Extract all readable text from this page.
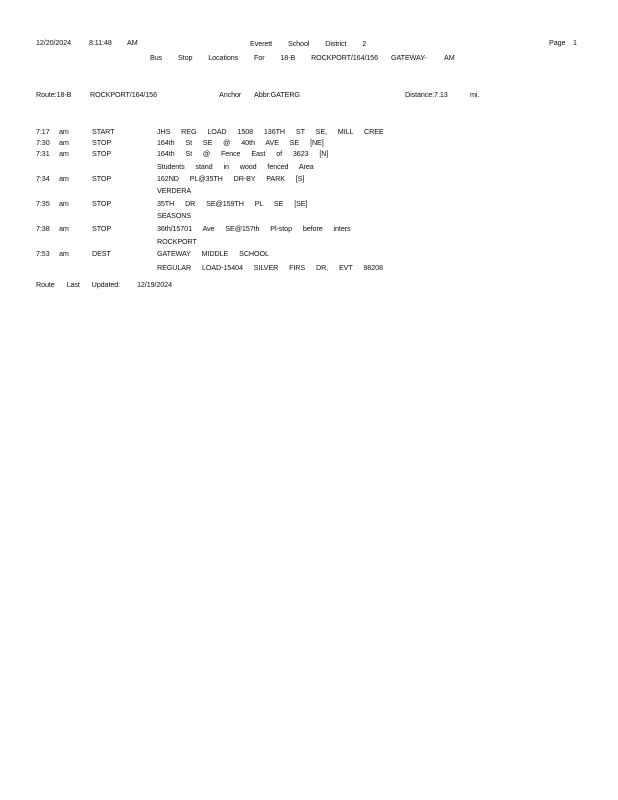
12/20/2024	8:11:48 AM	Everett School District 2	Page 1
Bus Stop Locations For 18-B ROCKPORT/164/156 GATEWAY- AM
Route:18-B	ROCKPORT/164/156	Anchor Abbr:GATERG	Distance:7.13	mi.
7:17 am	START	JHS REG LOAD 1508 136TH ST SE, MILL CREE
7:30 am	STOP	164th St SE @ 40th AVE SE [NE]
7:31 am	STOP	164th St @ Fence East of 3623 [N]
Students stand in wood fenced Area
7:34 am	STOP	162ND PL@35TH DR-BY PARK [S]
VERDERA
7:35 am	STOP	35TH DR SE@159TH PL SE [SE]
SEASONS
7:38 am	STOP	36th/15701 Ave SE@157th Pl-stop before inters
ROCKPORT
7:53 am	DEST	GATEWAY MIDDLE SCHOOL
REGULAR LOAD-15404 SILVER FIRS DR, EVT 98208
Route Last Updated: 12/19/2024
